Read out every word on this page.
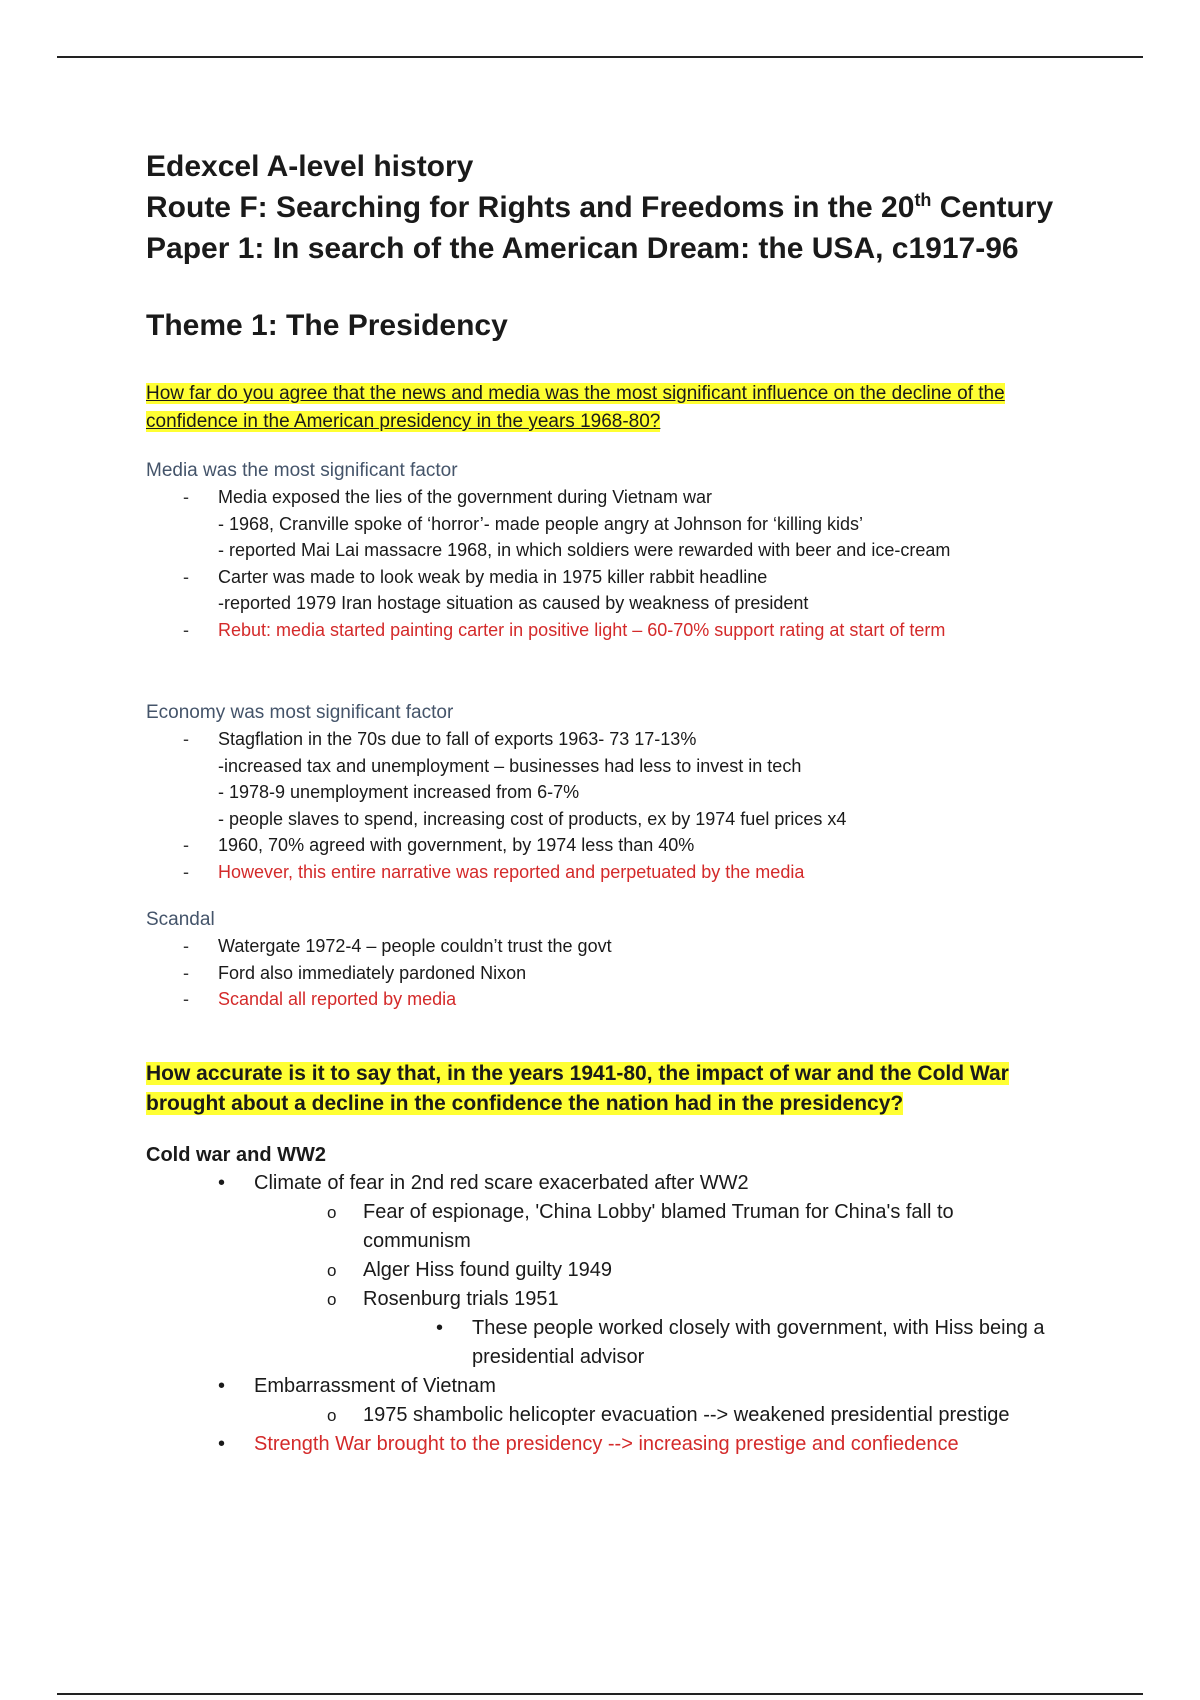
Edexcel A-level history

Route F: Searching for Rights and Freedoms in the 20th Century

Paper 1: In search of the American Dream: the USA, c1917-96

Theme 1: The Presidency

How far do you agree that the news and media was the most significant influence on the decline of the confidence in the American presidency in the years 1968-80?

Media was the most significant factor

-	Media exposed the lies of the government during Vietnam war
- 1968, Cranville spoke of ‘horror’- made people angry at Johnson for ‘killing kids’
- reported Mai Lai massacre 1968, in which soldiers were rewarded with beer and ice-cream
-	Carter was made to look weak by media in 1975 killer rabbit headline
-reported 1979 Iran hostage situation as caused by weakness of president
-	Rebut: media started painting carter in positive light – 60-70% support rating at start of term

Economy was most significant factor

-	Stagflation in the 70s due to fall of exports 1963- 73 17-13%
-increased tax and unemployment – businesses had less to invest in tech
- 1978-9 unemployment increased from 6-7%
- people slaves to spend, increasing cost of products, ex by 1974 fuel prices x4
-	1960, 70% agreed with government, by 1974 less than 40%
-	However, this entire narrative was reported and perpetuated by the media

Scandal

-	Watergate 1972-4 – people couldn’t trust the govt
-	Ford also immediately pardoned Nixon
-	Scandal all reported by media

How accurate is it to say that, in the years 1941-80, the impact of war and the Cold War brought about a decline in the confidence the nation had in the presidency?

Cold war and WW2

• Climate of fear in 2nd red scare exacerbated after WW2
o Fear of espionage, 'China Lobby' blamed Truman for China's fall to communism
o Alger Hiss found guilty 1949
o Rosenburg trials 1951
• These people worked closely with government, with Hiss being a presidential advisor
• Embarrassment of Vietnam
o 1975 shambolic helicopter evacuation --> weakened presidential prestige
• Strength War brought to the presidency --> increasing prestige and confiedence
